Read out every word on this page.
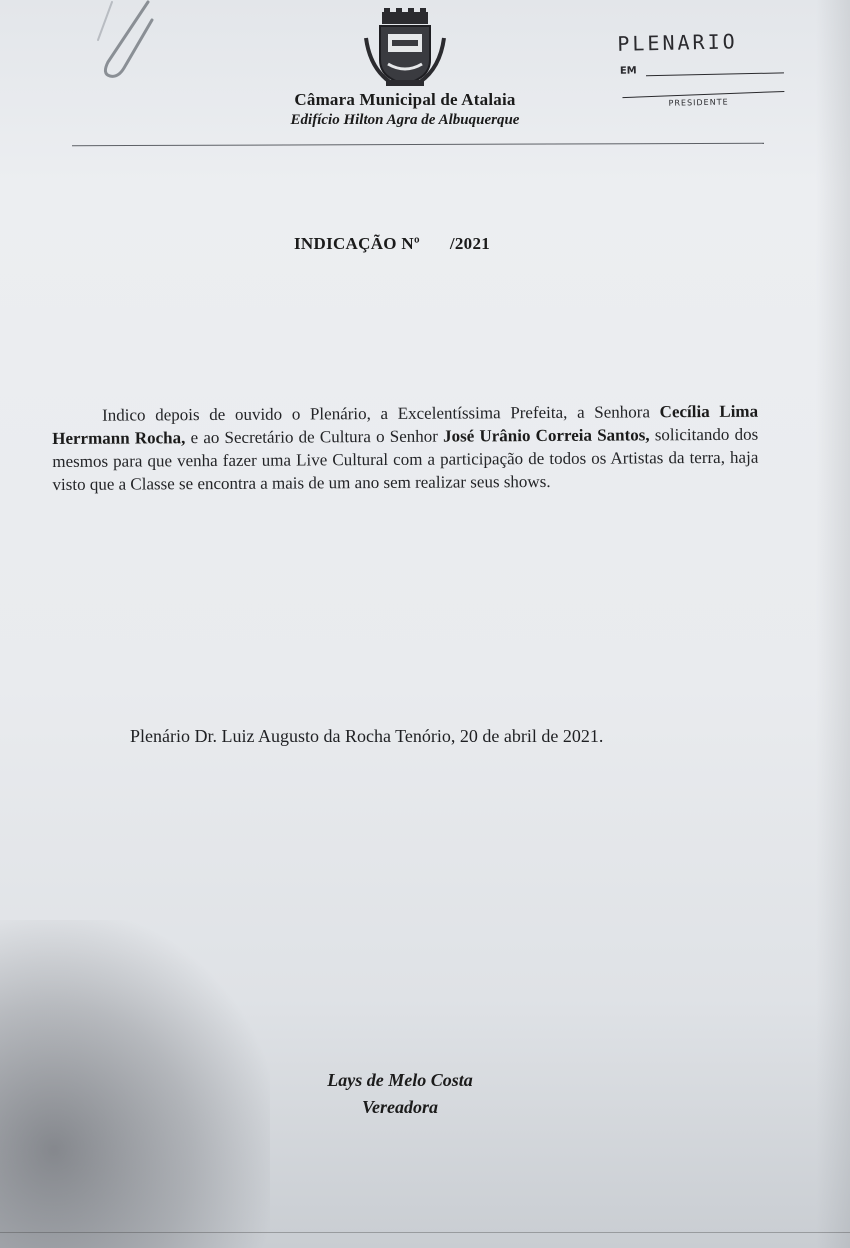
Câmara Municipal de Atalaia
Edifício Hilton Agra de Albuquerque
PLENARIO
EM
PRESIDENTE
INDICAÇÃO Nº /2021
Indico depois de ouvido o Plenário, a Excelentíssima Prefeita, a Senhora Cecília Lima Herrmann Rocha, e ao Secretário de Cultura o Senhor José Urânio Correia Santos, solicitando dos mesmos para que venha fazer uma Live Cultural com a participação de todos os Artistas da terra, haja visto que a Classe se encontra a mais de um ano sem realizar seus shows.
Plenário Dr. Luiz Augusto da Rocha Tenório, 20 de abril de 2021.
Lays de Melo Costa
Vereadora
